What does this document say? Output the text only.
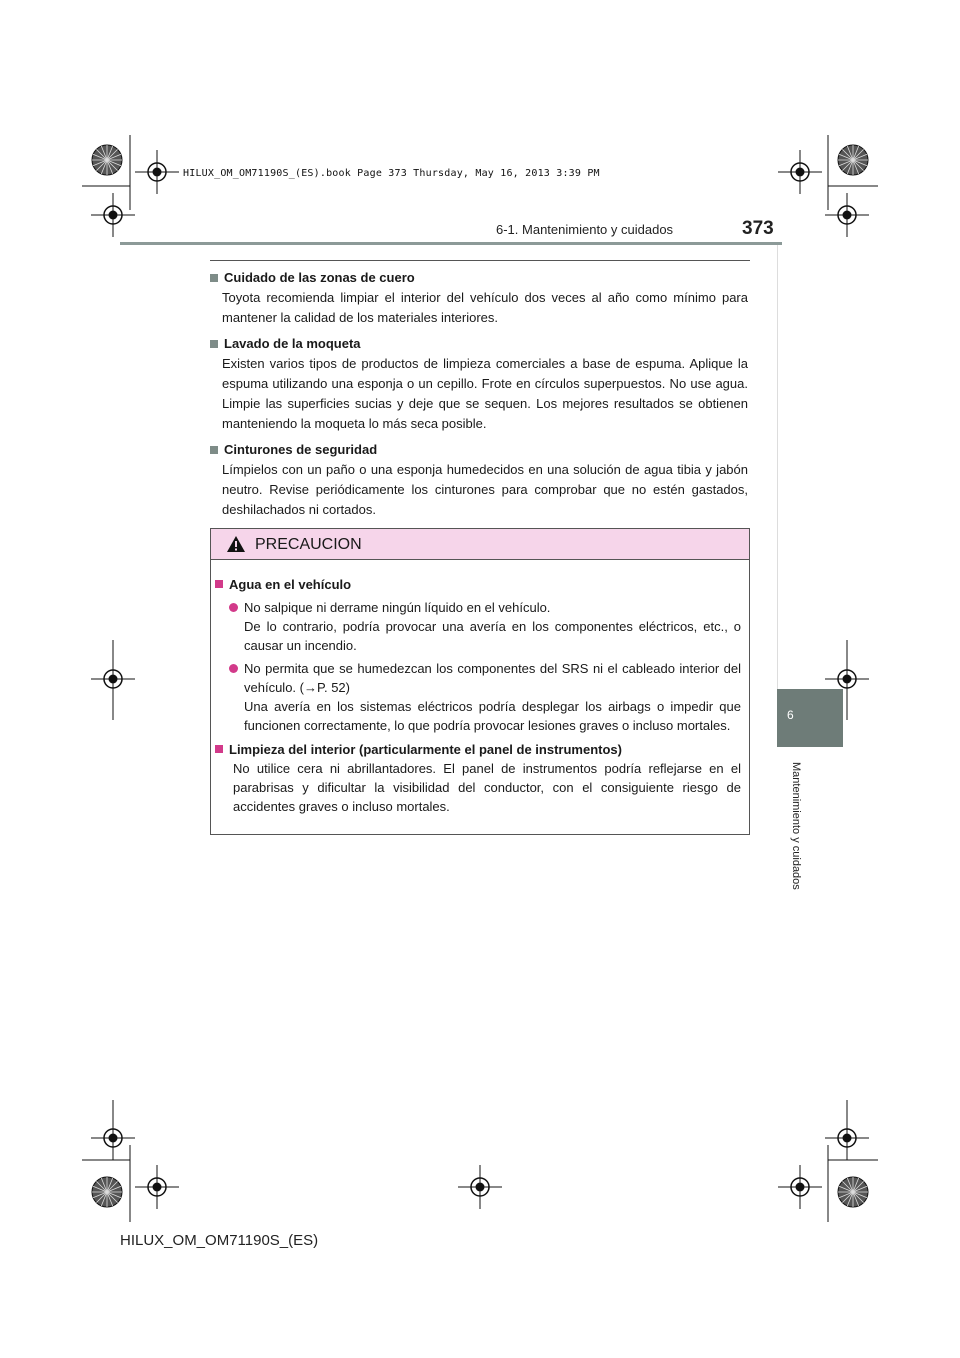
HILUX_OM_OM71190S_(ES).book Page 373 Thursday, May 16, 2013 3:39 PM
6-1. Mantenimiento y cuidados	373
6
Mantenimiento y cuidados
Cuidado de las zonas de cuero
Toyota recomienda limpiar el interior del vehículo dos veces al año como mínimo para mantener la calidad de los materiales interiores.
Lavado de la moqueta
Existen varios tipos de productos de limpieza comerciales a base de espuma. Aplique la espuma utilizando una esponja o un cepillo. Frote en círculos superpuestos. No use agua. Limpie las superficies sucias y deje que se sequen. Los mejores resultados se obtienen manteniendo la moqueta lo más seca posible.
Cinturones de seguridad
Límpielos con un paño o una esponja humedecidos en una solución de agua tibia y jabón neutro. Revise periódicamente los cinturones para comprobar que no estén gastados, deshilachados ni cortados.
PRECAUCION
Agua en el vehículo
No salpique ni derrame ningún líquido en el vehículo.
De lo contrario, podría provocar una avería en los componentes eléctricos, etc., o causar un incendio.
No permita que se humedezcan los componentes del SRS ni el cableado interior del vehículo. (→P. 52)
Una avería en los sistemas eléctricos podría desplegar los airbags o impedir que funcionen correctamente, lo que podría provocar lesiones graves o incluso mortales.
Limpieza del interior (particularmente el panel de instrumentos)
No utilice cera ni abrillantadores. El panel de instrumentos podría reflejarse en el parabrisas y dificultar la visibilidad del conductor, con el consiguiente riesgo de accidentes graves o incluso mortales.
HILUX_OM_OM71190S_(ES)
